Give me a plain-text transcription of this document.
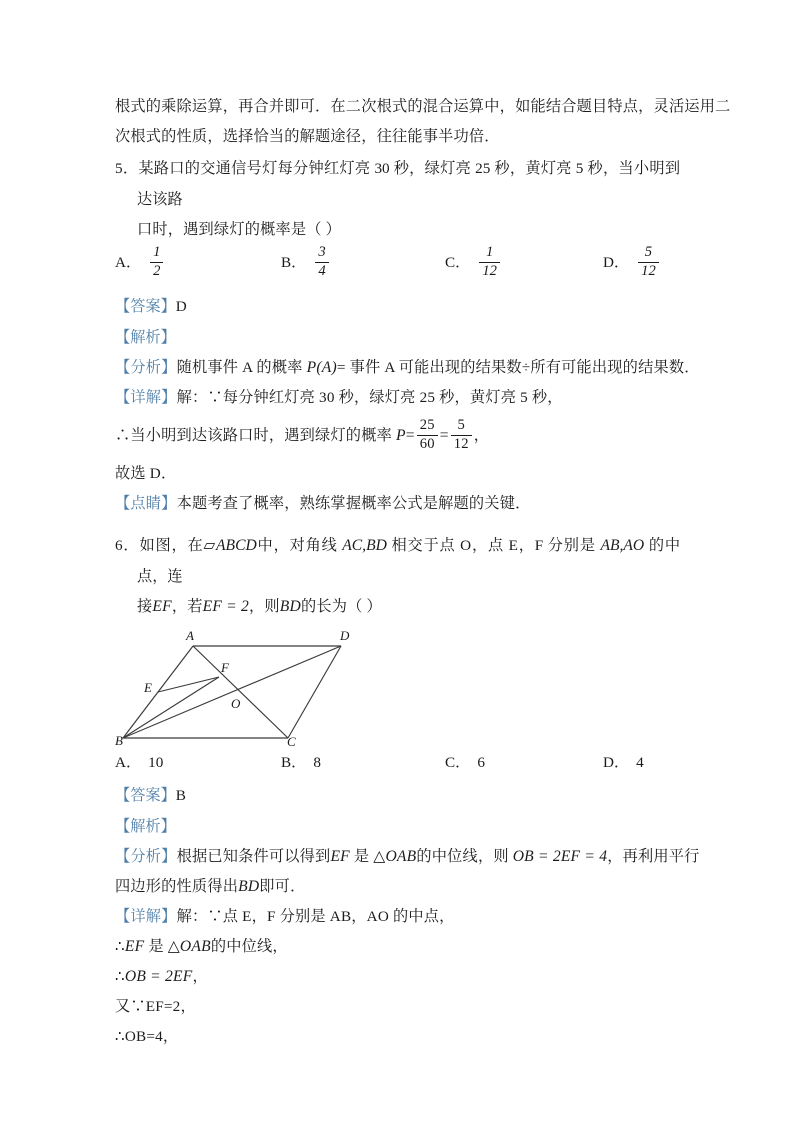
根式的乘除运算，再合并即可．在二次根式的混合运算中，如能结合题目特点，灵活运用二
次根式的性质，选择恰当的解题途径，往往能事半功倍．
5．某路口的交通信号灯每分钟红灯亮 30 秒，绿灯亮 25 秒，黄灯亮 5 秒，当小明到达该路
口时，遇到绿灯的概率是（ ）
A． $\frac{1}{2}$	B． $\frac{3}{4}$	C． $\frac{1}{12}$	D． $\frac{5}{12}$
【答案】D
【解析】
【分析】随机事件 A 的概率 P(A)= 事件 A 可能出现的结果数÷所有可能出现的结果数．
【详解】解：∵每分钟红灯亮 30 秒，绿灯亮 25 秒，黄灯亮 5 秒，
∴当小明到达该路口时，遇到绿灯的概率 $P= \frac{25}{60} = \frac{5}{12}$ ，
故选 D．
【点睛】本题考查了概率，熟练掌握概率公式是解题的关键．
6．如图，在▱ABCD中，对角线 AC,BD 相交于点 O，点 E，F 分别是 AB,AO 的中点，连
接EF，若EF = 2，则BD的长为（ ）
A
B	C
D
E
F
O
A． 10	B． 8	C． 6	D． 4
【答案】B
【解析】
【分析】根据已知条件可以得到EF 是 △OAB的中位线，则 OB = 2EF = 4，再利用平行
四边形的性质得出BD即可．
【详解】解：∵点 E，F 分别是 AB，AO 的中点，
∴EF 是 △OAB的中位线，
∴OB = 2EF，
又∵EF=2，
∴OB=4，
